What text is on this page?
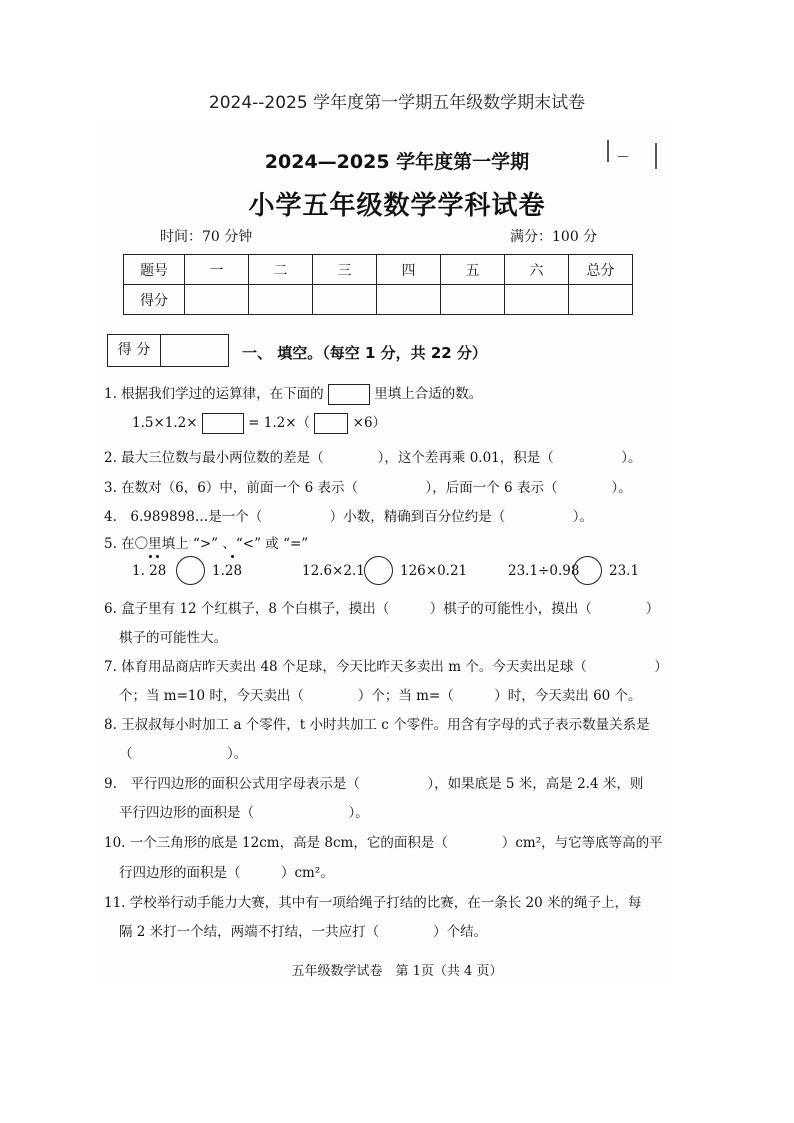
2024--2025 学年度第一学期五年级数学期末试卷
2024—2025 学年度第一学期
小学五年级数学学科试卷
时间：70 分钟	满分：100 分
题号	一	二	三	四	五	六	总分
得分							
得 分	一、 填空。（每空 1 分，共 22 分）
1. 根据我们学过的运算律，在下面的	里填上合适的数。
1.5×1.2×	= 1.2×（	×6）
2. 最大三位数与最小两位数的差是（　　　　），这个差再乘 0.01，积是（　　　　　）。
3. 在数对（6，6）中，前面一个 6 表示（　　　　　），后面一个 6 表示（　　　　）。
4.　6.989898…是一个（　　　　　）小数，精确到百分位约是（　　　　　）。
5. 在〇里填上 “>” 、“<” 或 “=”
1. 28	1.28	12.6×2.1	126×0.21	23.1÷0.98 23.1
6. 盒子里有 12 个红棋子，8 个白棋子，摸出（　　　）棋子的可能性小，摸出（　　　　）
棋子的可能性大。
7. 体育用品商店昨天卖出 48 个足球，今天比昨天多卖出 m 个。今天卖出足球（　　　　　）
个；当 m=10 时，今天卖出（　　　　）个；当 m=（　　　）时，今天卖出 60 个。
8. 王叔叔每小时加工 a 个零件，t 小时共加工 c 个零件。用含有字母的式子表示数量关系是
（　　　　　　　）。
9.　平行四边形的面积公式用字母表示是（　　　　　），如果底是 5 米，高是 2.4 米，则
平行四边形的面积是（　　　　　　　）。
10. 一个三角形的底是 12cm，高是 8cm，它的面积是（　　　　）cm²，与它等底等高的平
行四边形的面积是（　　　）cm²。
11. 学校举行动手能力大赛，其中有一项给绳子打结的比赛，在一条长 20 米的绳子上，每
隔 2 米打一个结，两端不打结，一共应打（　　　　）个结。
五年级数学试卷　第 1页（共 4 页）
